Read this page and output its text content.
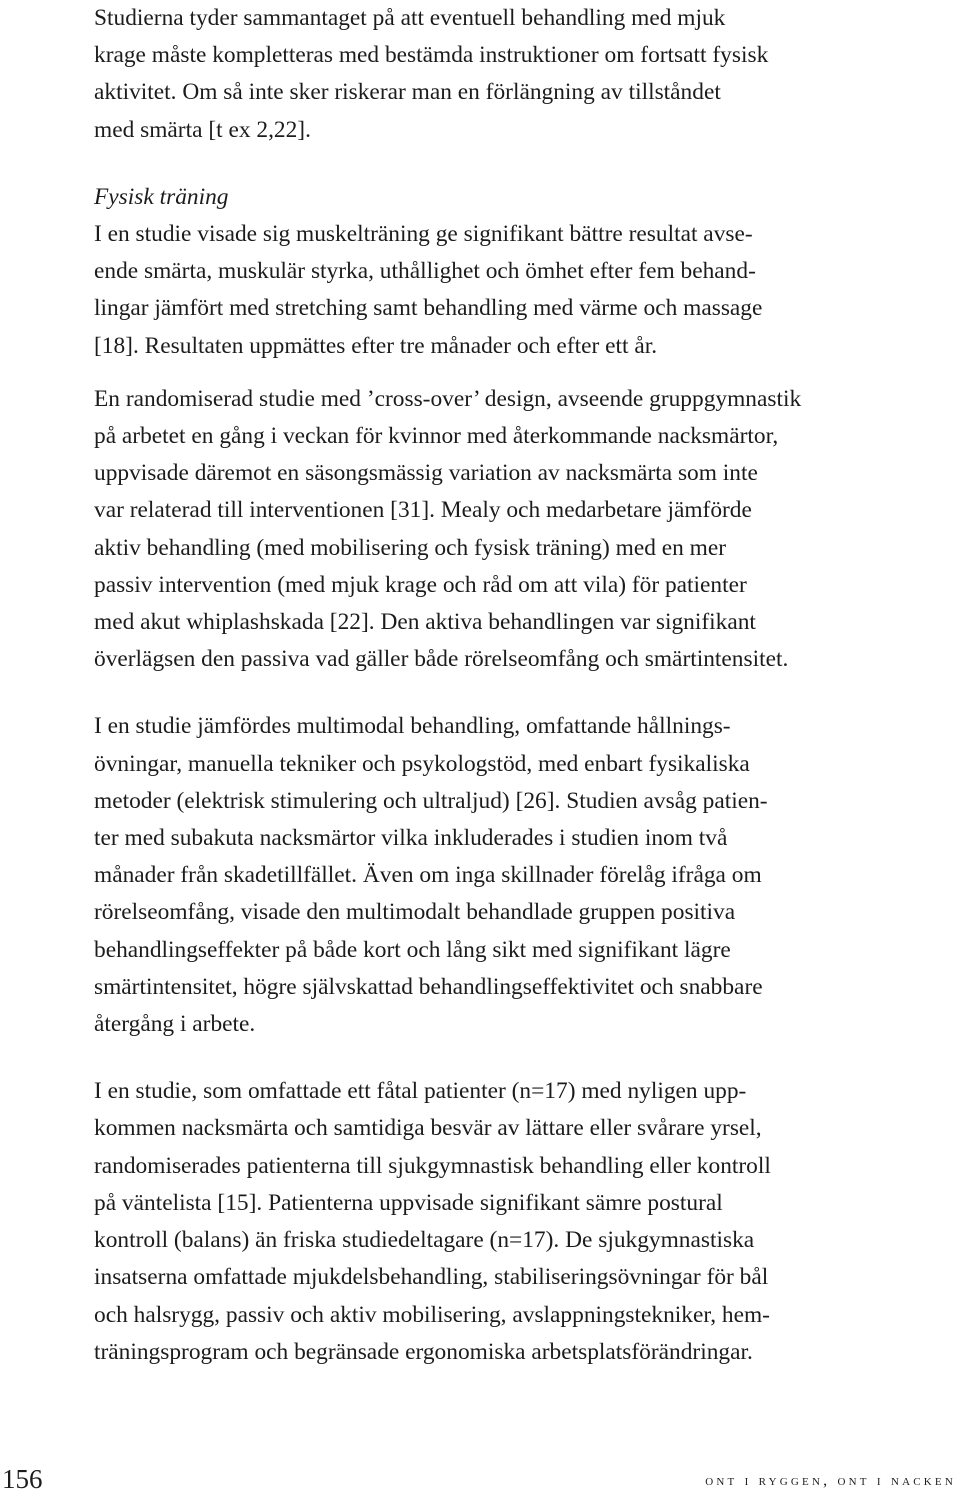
Studierna tyder sammantaget på att eventuell behandling med mjuk
krage måste kompletteras med bestämda instruktioner om fortsatt fysisk
aktivitet. Om så inte sker riskerar man en förlängning av tillståndet
med smärta [t ex 2,22].

Fysisk träning

I en studie visade sig muskelträning ge signifikant bättre resultat avse-
ende smärta, muskulär styrka, uthållighet och ömhet efter fem behand-
lingar jämfört med stretching samt behandling med värme och massage
[18]. Resultaten uppmättes efter tre månader och efter ett år.

En randomiserad studie med ’cross-over’ design, avseende gruppgymnastik
på arbetet en gång i veckan för kvinnor med återkommande nacksmärtor,
uppvisade däremot en säsongsmässig variation av nacksmärta som inte
var relaterad till interventionen [31]. Mealy och medarbetare jämförde
aktiv behandling (med mobilisering och fysisk träning) med en mer
passiv intervention (med mjuk krage och råd om att vila) för patienter
med akut whiplashskada [22]. Den aktiva behandlingen var signifikant
överlägsen den passiva vad gäller både rörelseomfång och smärtintensitet.

I en studie jämfördes multimodal behandling, omfattande hållnings-
övningar, manuella tekniker och psykologstöd, med enbart fysikaliska
metoder (elektrisk stimulering och ultraljud) [26]. Studien avsåg patien-
ter med subakuta nacksmärtor vilka inkluderades i studien inom två
månader från skadetillfället. Även om inga skillnader förelåg ifråga om
rörelseomfång, visade den multimodalt behandlade gruppen positiva
behandlingseffekter på både kort och lång sikt med signifikant lägre
smärtintensitet, högre självskattad behandlingseffektivitet och snabbare
återgång i arbete.

I en studie, som omfattade ett fåtal patienter (n=17) med nyligen upp-
kommen nacksmärta och samtidiga besvär av lättare eller svårare yrsel,
randomiserades patienterna till sjukgymnastisk behandling eller kontroll
på väntelista [15]. Patienterna uppvisade signifikant sämre postural
kontroll (balans) än friska studiedeltagare (n=17). De sjukgymnastiska
insatserna omfattade mjukdelsbehandling, stabiliseringsövningar för bål
och halsrygg, passiv och aktiv mobilisering, avslappningstekniker, hem-
träningsprogram och begränsade ergonomiska arbetsplatsförändringar.

156	ont i ryggen, ont i nacken
